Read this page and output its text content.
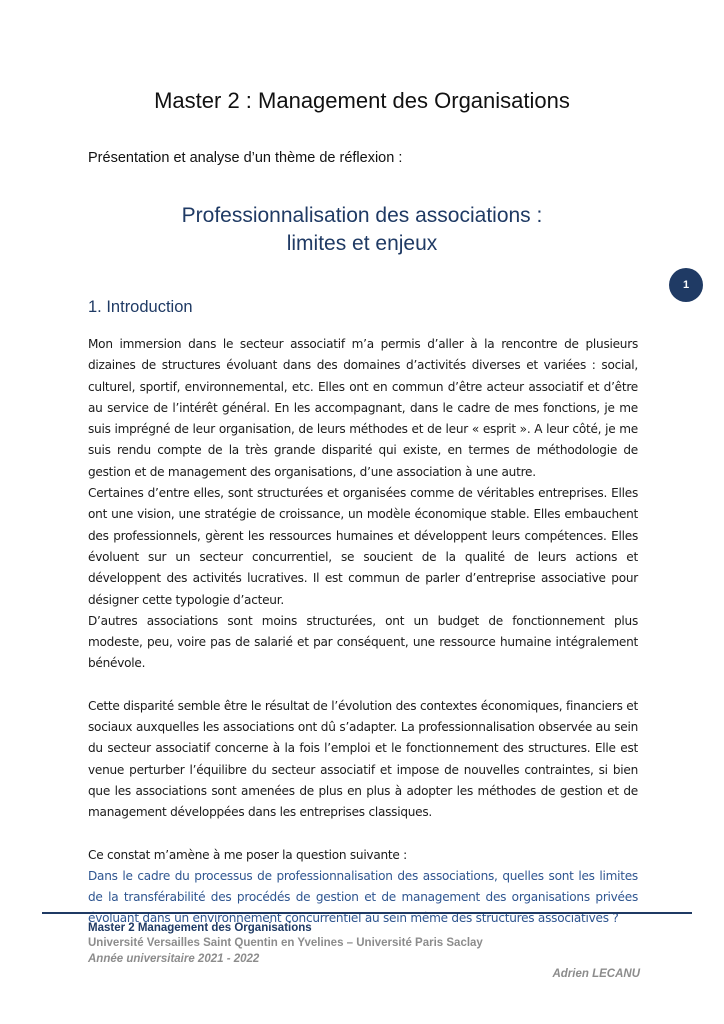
Master 2 : Management des Organisations
Présentation et analyse d’un thème de réflexion :
Professionnalisation des associations :
limites et enjeux
1
1. Introduction

Mon immersion dans le secteur associatif m’a permis d’aller à la rencontre de plusieurs dizaines de structures évoluant dans des domaines d’activités diverses et variées : social, culturel, sportif, environnemental, etc. Elles ont en commun d’être acteur associatif et d’être au service de l’intérêt général. En les accompagnant, dans le cadre de mes fonctions, je me suis imprégné de leur organisation, de leurs méthodes et de leur « esprit ». A leur côté, je me suis rendu compte de la très grande disparité qui existe, en termes de méthodologie de gestion et de management des organisations, d’une association à une autre.

Certaines d’entre elles, sont structurées et organisées comme de véritables entreprises. Elles ont une vision, une stratégie de croissance, un modèle économique stable. Elles embauchent des professionnels, gèrent les ressources humaines et développent leurs compétences. Elles évoluent sur un secteur concurrentiel, se soucient de la qualité de leurs actions et développent des activités lucratives. Il est commun de parler d’entreprise associative pour désigner cette typologie d’acteur.

D’autres associations sont moins structurées, ont un budget de fonctionnement plus modeste, peu, voire pas de salarié et par conséquent, une ressource humaine intégralement bénévole.

Cette disparité semble être le résultat de l’évolution des contextes économiques, financiers et sociaux auxquelles les associations ont dû s’adapter. La professionnalisation observée au sein du secteur associatif concerne à la fois l’emploi et le fonctionnement des structures. Elle est venue perturber l’équilibre du secteur associatif et impose de nouvelles contraintes, si bien que les associations sont amenées de plus en plus à adopter les méthodes de gestion et de management développées dans les entreprises classiques.

Ce constat m’amène à me poser la question suivante :

Dans le cadre du processus de professionnalisation des associations, quelles sont les limites de la transférabilité des procédés de gestion et de management des organisations privées évoluant dans un environnement concurrentiel au sein même des structures associatives ?

Master 2 Management des Organisations
Université Versailles Saint Quentin en Yvelines – Université Paris Saclay
Année universitaire 2021 - 2022
Adrien LECANU
